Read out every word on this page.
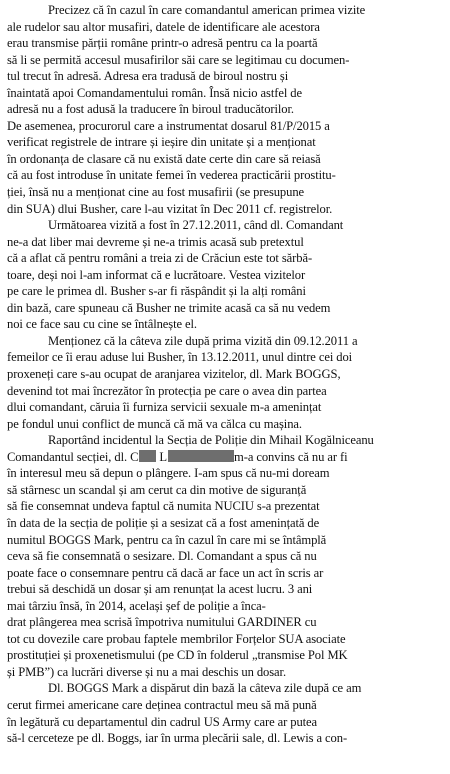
Precizez că în cazul în care comandantul american primea vizite
ale rudelor sau altor musafiri, datele de identificare ale acestora
erau transmise părții române printr-o adresă pentru ca la poartă
să li se permită accesul musafirilor săi care se legitimau cu documen-
tul trecut în adresă. Adresa era tradusă de biroul nostru și
înaintată apoi Comandamentului român. Însă nicio astfel de
adresă nu a fost adusă la traducere în biroul traducătorilor.
De asemenea, procurorul care a instrumentat dosarul 81/P/2015 a
verificat registrele de intrare și ieșire din unitate și a menționat
în ordonanța de clasare că nu există date certe din care să reiasă
că au fost introduse în unitate femei în vederea practicării prostitu-
ției, însă nu a menționat cine au fost musafirii (se presupune
din SUA) dlui Busher, care l-au vizitat în Dec 2011 cf. registrelor.
Următoarea vizită a fost în 27.12.2011, când dl. Comandant
ne-a dat liber mai devreme și ne-a trimis acasă sub pretextul
că a aflat că pentru români a treia zi de Crăciun este tot sărbă-
toare, deși noi l-am informat că e lucrătoare. Vestea vizitelor
pe care le primea dl. Busher s-ar fi răspândit și la alți români
din bază, care spuneau că Busher ne trimite acasă ca să nu vedem
noi ce face sau cu cine se întâlnește el.
Menționez că la câteva zile după prima vizită din 09.12.2011 a
femeilor ce îi erau aduse lui Busher, în 13.12.2011, unul dintre cei doi
proxeneți care s-au ocupat de aranjarea vizitelor, dl. Mark BOGGS,
devenind tot mai încrezător în protecția pe care o avea din partea
dlui comandant, căruia îi furniza servicii sexuale m-a amenințat
pe fondul unui conflict de muncă că mă va călca cu mașina.
Raportând incidentul la Secția de Poliție din Mihail Kogălniceanu
Comandantul secției, dl. C L	m-a convins că nu ar fi
în interesul meu să depun o plângere. I-am spus că nu-mi doream
să stârnesc un scandal și am cerut ca din motive de siguranță
să fie consemnat undeva faptul că numita NUCIU s-a prezentat
în data de la secția de poliție și a sesizat că a fost amenințată de
numitul BOGGS Mark, pentru ca în cazul în care mi se întâmplă
ceva să fie consemnată o sesizare. Dl. Comandant a spus că nu
poate face o consemnare pentru că dacă ar face un act în scris ar
trebui să deschidă un dosar și am renunțat la acest lucru. 3 ani
mai târziu însă, în 2014, același șef de poliție a înca-
drat plângerea mea scrisă împotriva numitului GARDINER cu
tot cu dovezile care probau faptele membrilor Forțelor SUA asociate
prostituției și proxenetismului (pe CD în folderul „transmise Pol MK
și PMB”) ca lucrări diverse și nu a mai deschis un dosar.
Dl. BOGGS Mark a dispărut din bază la câteva zile după ce am
cerut firmei americane care deținea contractul meu să mă pună
în legătură cu departamentul din cadrul US Army care ar putea
să-l cerceteze pe dl. Boggs, iar în urma plecării sale, dl. Lewis a con-
